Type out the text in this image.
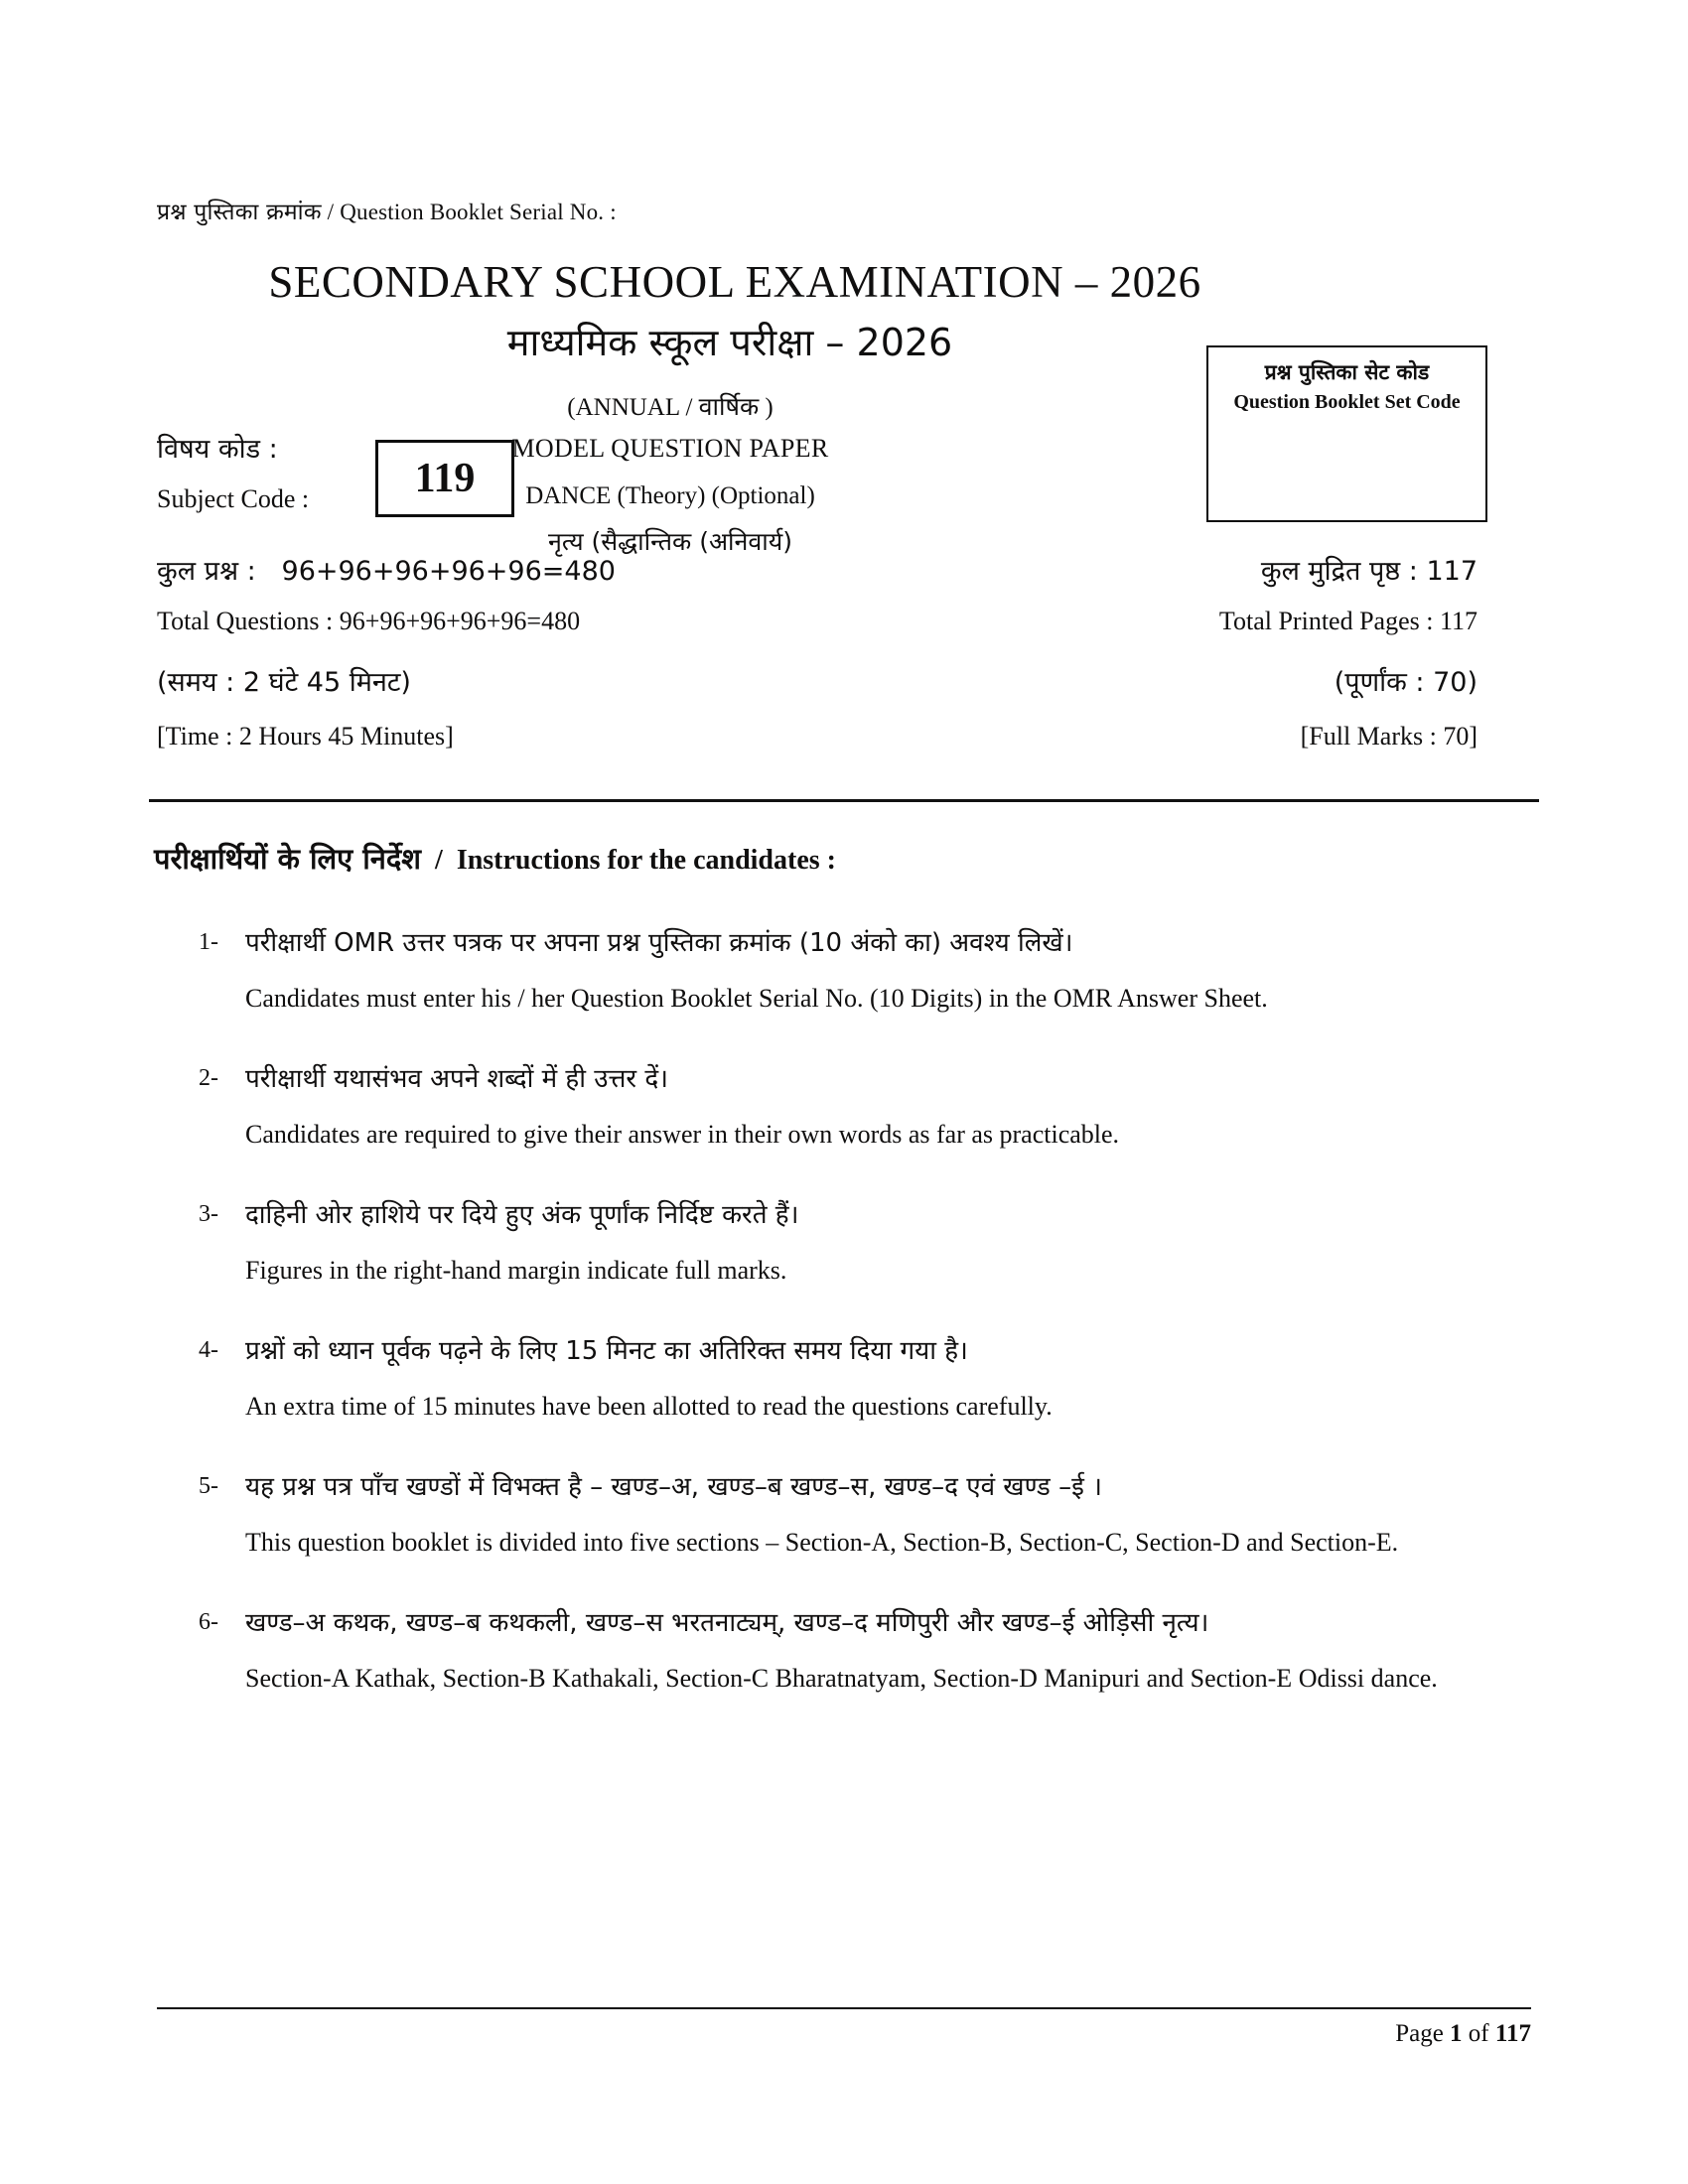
प्रश्न पुस्तिका क्रमांक / Question Booklet Serial No. :
SECONDARY SCHOOL EXAMINATION – 2026
माध्यमिक स्कूल परीक्षा – 2026
(ANNUAL / वार्षिक )
MODEL QUESTION PAPER
DANCE (Theory) (Optional)
नृत्य (सैद्धान्तिक (अनिवार्य)
विषय कोड :
Subject Code :	119
प्रश्न पुस्तिका सेट कोड
Question Booklet Set Code
कुल प्रश्न : 96+96+96+96+96=480	कुल मुद्रित पृष्ठ : 117
Total Questions : 96+96+96+96+96=480	Total Printed Pages : 117
(समय : 2 घंटे 45 मिनट)	(पूर्णांक : 70)
[Time : 2 Hours 45 Minutes]	[Full Marks : 70]
परीक्षार्थियों के लिए निर्देश / Instructions for the candidates :
1- परीक्षार्थी OMR उत्तर पत्रक पर अपना प्रश्न पुस्तिका क्रमांक (10 अंको का) अवश्य लिखें।
Candidates must enter his / her Question Booklet Serial No. (10 Digits) in the OMR Answer Sheet.
2- परीक्षार्थी यथासंभव अपने शब्दों में ही उत्तर दें।
Candidates are required to give their answer in their own words as far as practicable.
3- दाहिनी ओर हाशिये पर दिये हुए अंक पूर्णांक निर्दिष्ट करते हैं।
Figures in the right-hand margin indicate full marks.
4- प्रश्नों को ध्यान पूर्वक पढ़ने के लिए 15 मिनट का अतिरिक्त समय दिया गया है।
An extra time of 15 minutes have been allotted to read the questions carefully.
5- यह प्रश्न पत्र पाँच खण्डों में विभक्त है – खण्ड–अ, खण्ड–ब खण्ड–स, खण्ड–द एवं खण्ड –ई ।
This question booklet is divided into five sections – Section-A, Section-B, Section-C, Section-D and Section-E.
6- खण्ड–अ कथक, खण्ड–ब कथकली, खण्ड–स भरतनाट्यम्, खण्ड–द मणिपुरी और खण्ड–ई ओड़िसी नृत्य।
Section-A Kathak, Section-B Kathakali, Section-C Bharatnatyam, Section-D Manipuri and Section-E Odissi dance.
Page 1 of 117
